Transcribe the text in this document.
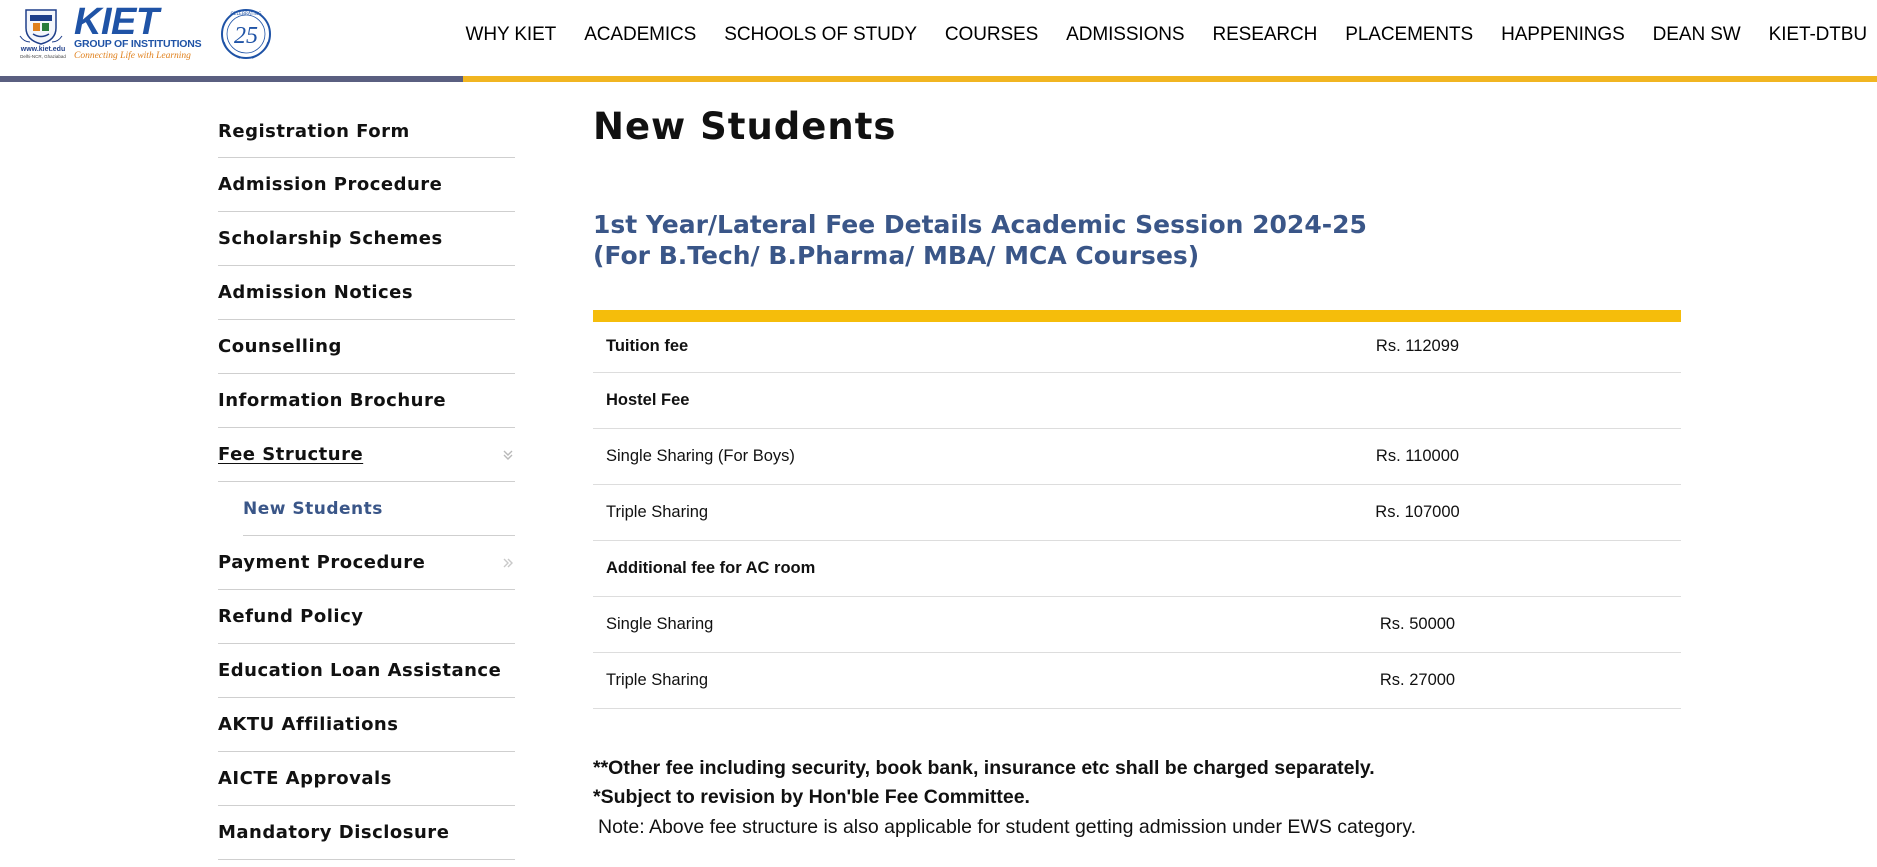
www.kiet.edu
Delhi-NCR, Ghaziabad
KIET
GROUP OF INSTITUTIONS
Connecting Life with Learning
CELEBRATING
25	WHY KIET ACADEMICS SCHOOLS OF STUDY COURSES ADMISSIONS RESEARCH PLACEMENTS HAPPENINGS DEAN SW KIET-DTBU
Registration Form
Admission Procedure
Scholarship Schemes
Admission Notices
Counselling
Information Brochure
Fee Structure
New Students
Payment Procedure
Refund Policy
Education Loan Assistance
AKTU Affiliations
AICTE Approvals
Mandatory Disclosure
New Students
1st Year/Lateral Fee Details Academic Session 2024-25
(For B.Tech/ B.Pharma/ MBA/ MCA Courses)
Tuition fee	Rs. 112099
Hostel Fee	
Single Sharing (For Boys)	Rs. 110000
Triple Sharing	Rs. 107000
Additional fee for AC room	
Single Sharing	Rs. 50000
Triple Sharing	Rs. 27000
**Other fee including security, book bank, insurance etc shall be charged separately.
*Subject to revision by Hon'ble Fee Committee.
Note: Above fee structure is also applicable for student getting admission under EWS category.
